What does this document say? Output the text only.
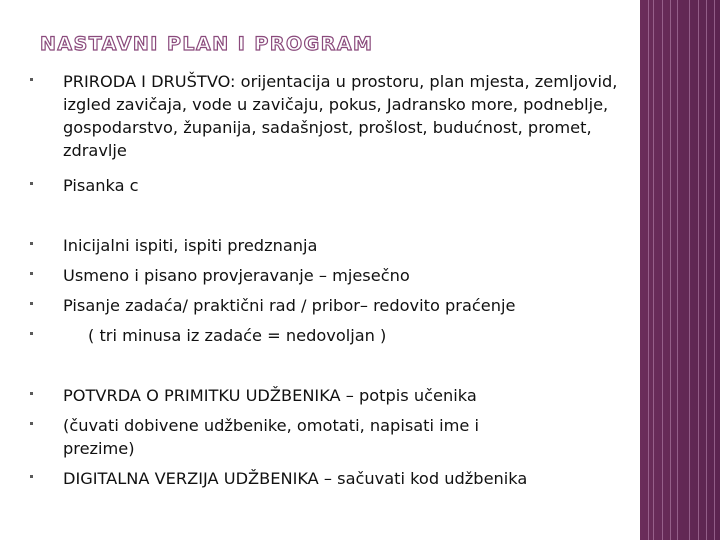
NASTAVNI PLAN I PROGRAM
PRIRODA I DRUŠTVO: orijentacija u prostoru, plan mjesta, zemljovid, izgled zavičaja, vode u zavičaju, pokus, Jadransko more, podneblje, gospodarstvo, županija, sadašnjost, prošlost, budućnost, promet, zdravlje
Pisanka c
Inicijalni ispiti, ispiti predznanja
Usmeno i pisano provjeravanje – mjesečno
Pisanje zadaća/ praktični rad / pribor– redovito praćenje
( tri minusa iz zadaće = nedovoljan )
POTVRDA O PRIMITKU UDŽBENIKA – potpis učenika
(čuvati dobivene udžbenike, omotati, napisati ime i prezime)
DIGITALNA VERZIJA UDŽBENIKA – sačuvati kod udžbenika
